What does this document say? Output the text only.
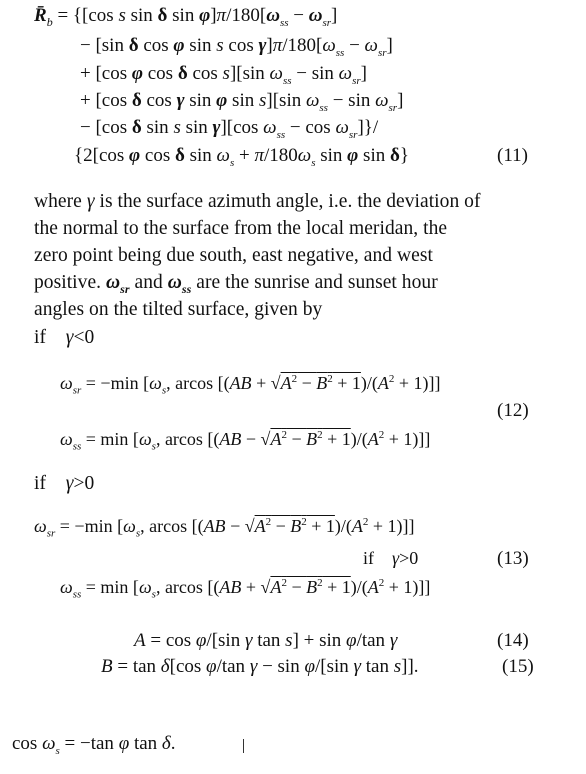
$R̄_b = \{[\cos$ s sin δ $\sin \varphi]\pi/180[\omega_{ss} - \omega_{sr}]$
− [sin δ cos φ sin s $\cos \gamma]\pi/180[\omega_{ss} - \omega_{sr}]$
+ [cos φ cos δ cos s][sin $\omega_{ss} - \sin \omega_{sr}$]
+ [cos δ cos γ sin φ sin s][sin $\omega_{ss} - \sin \omega_{sr}$]
− [cos δ sin s sin γ][cos $\omega_{ss} - \cos \omega_{sr}]\}/$
{2[cos φ cos δ $\sin \omega_s + \pi/180\omega_s$ sin φ sin δ}	(11)
where γ is the surface azimuth angle, i.e. the deviation of
the normal to the surface from the local meridan, the
zero point being due south, east negative, and west
positive. $\omega_{sr}$ and $\omega_{ss}$ are the sunrise and sunset hour
angles on the tilted surface, given by
if    γ<0
$\omega_{sr} = -\min$ [$\omega_s$, arcos $[(AB + √A^2 - B^2 + 1)/(A^2 + 1)]$]
(12)
$\omega_{ss} = \min [\omega_s$, arcos $[(AB - √A^2 - B^2 + 1)/(A^2 + 1)]$]
if    γ>0
$\omega_{sr} = -\min$ [$\omega_s$, arcos $[(AB - √A^2 - B^2 + 1)/(A^2 + 1)]$]
if    γ>0	(13)
$\omega_{ss} = \min [\omega_s$, arcos $[(AB + √A^2 - B^2 + 1)/(A^2 + 1)]$]
A = cos φ/[sin γ tan s] + sin φ/tan γ	(14)
B = tan δ[cos φ/tan γ − sin φ/[sin γ tan s]].	(15)
$\cos \omega_s = -\tan$ φ tan δ.
